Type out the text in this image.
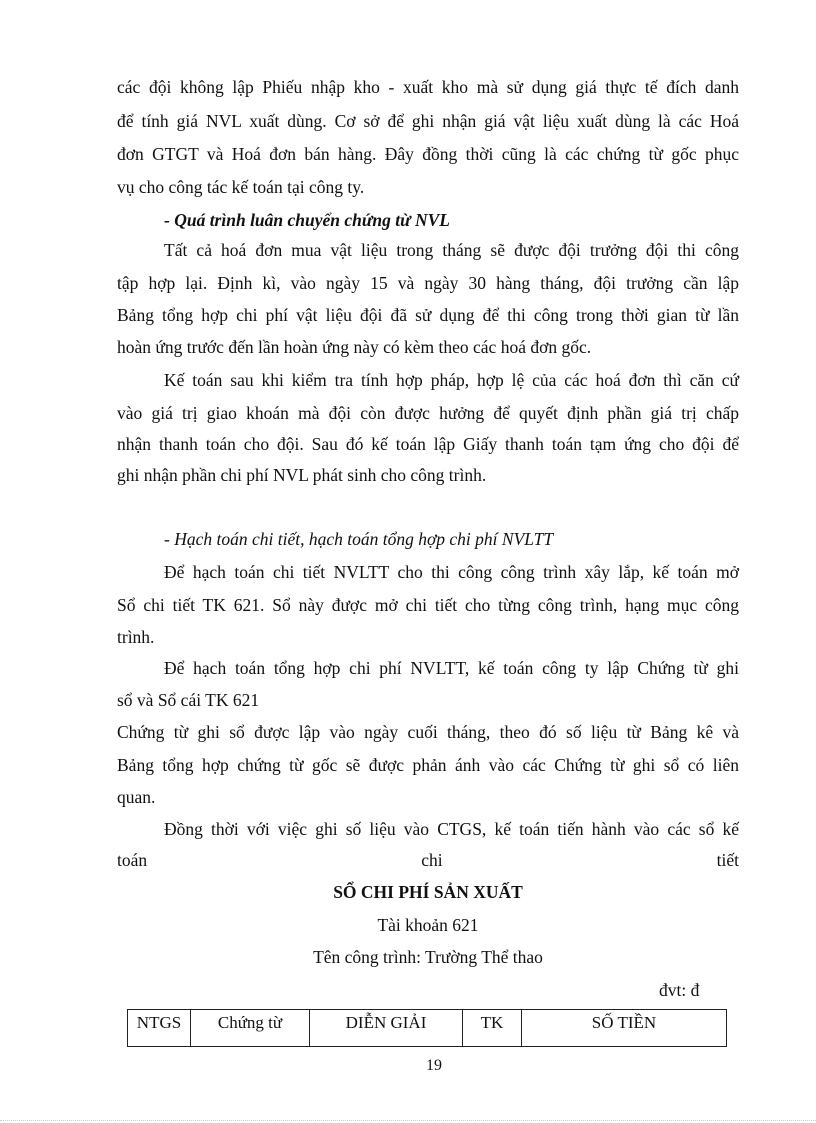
các đội không lập Phiếu nhập kho - xuất kho mà sử dụng giá thực tế đích danh
để tính giá NVL xuất dùng. Cơ sở để ghi nhận giá vật liệu xuất dùng là các Hoá
đơn GTGT và Hoá đơn bán hàng. Đây đồng thời cũng là các chứng từ gốc phục
vụ cho công tác kế toán tại công ty.
- Quá trình luân chuyển chứng từ NVL
Tất cả hoá đơn mua vật liệu trong tháng sẽ được đội trưởng đội thi công
tập hợp lại. Định kì, vào ngày 15 và ngày 30 hàng tháng, đội trưởng cần lập
Bảng tổng hợp chi phí vật liệu đội đã sử dụng để thi công trong thời gian từ lần
hoàn ứng trước đến lần hoàn ứng này có kèm theo các hoá đơn gốc.
Kế toán sau khi kiểm tra tính hợp pháp, hợp lệ của các hoá đơn thì căn cứ
vào giá trị giao khoán mà đội còn được hưởng để quyết định phần giá trị chấp
nhận thanh toán cho đội. Sau đó kế toán lập Giấy thanh toán tạm ứng cho đội để
ghi nhận phần chi phí NVL phát sinh cho công trình.
- Hạch toán chi tiết, hạch toán tổng hợp chi phí NVLTT
Để hạch toán chi tiết NVLTT cho thi công công trình xây lắp, kế toán mở
Sổ chi tiết TK 621. Sổ này được mở chi tiết cho từng công trình, hạng mục công
trình.
Để hạch toán tổng hợp chi phí NVLTT, kế toán công ty lập Chứng từ ghi
sổ và Sổ cái TK 621
Chứng từ ghi sổ được lập vào ngày cuối tháng, theo đó số liệu từ Bảng kê và
Bảng tổng hợp chứng từ gốc sẽ được phản ánh vào các Chứng từ ghi sổ có liên
quan.
Đồng thời với việc ghi số liệu vào CTGS, kế toán tiến hành vào các sổ kế
toán	chi	tiết
SỔ CHI PHÍ SẢN XUẤT
Tài khoản 621
Tên công trình: Trường Thể thao
đvt: đ
NTGS	Chứng từ	DIỄN GIẢI	TK	SỐ TIỀN
19
